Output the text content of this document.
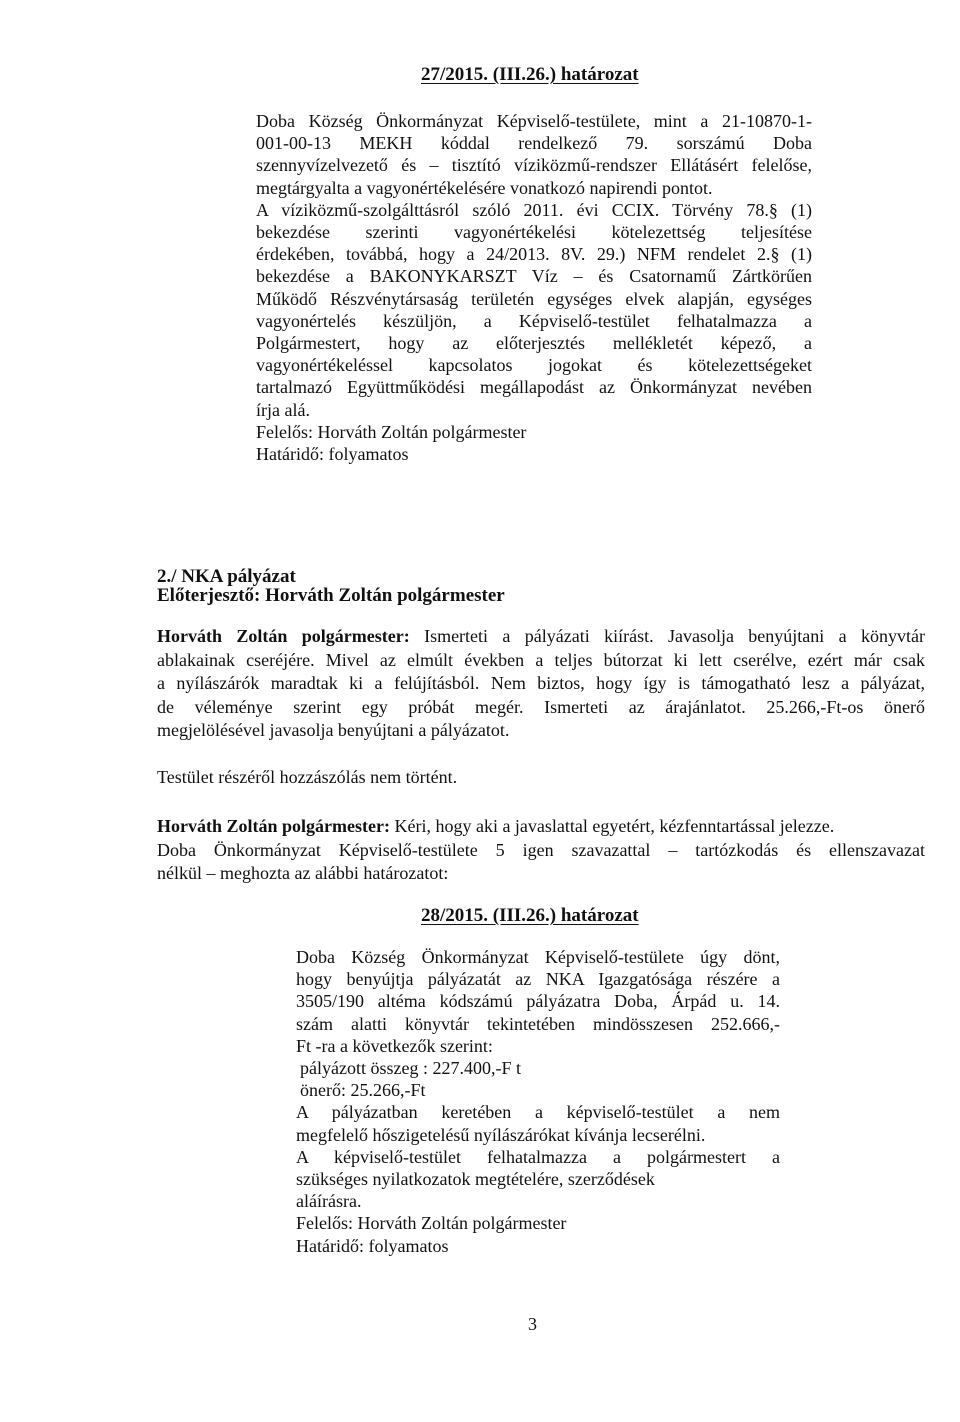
27/2015. (III.26.) határozat
Doba Község Önkormányzat Képviselő-testülete, mint a 21-10870-1-
001-00-13 MEKH kóddal rendelkező 79. sorszámú Doba
szennyvízelvezető és – tisztító víziközmű-rendszer Ellátásért felelőse,
megtárgyalta a vagyonértékelésére vonatkozó napirendi pontot.
A víziközmű-szolgálttásról szóló 2011. évi CCIX. Törvény 78.§ (1)
bekezdése szerinti vagyonértékelési kötelezettség teljesítése
érdekében, továbbá, hogy a 24/2013. 8V. 29.) NFM rendelet 2.§ (1)
bekezdése a BAKONYKARSZT Víz – és Csatornamű Zártkörűen
Működő Részvénytársaság területén egységes elvek alapján, egységes
vagyonértelés készüljön, a Képviselő-testület felhatalmazza a
Polgármestert, hogy az előterjesztés mellékletét képező, a
vagyonértékeléssel kapcsolatos jogokat és kötelezettségeket
tartalmazó Együttműködési megállapodást az Önkormányzat nevében
írja alá.
Felelős: Horváth Zoltán polgármester
Határidő: folyamatos
2./ NKA pályázat
Előterjesztő: Horváth Zoltán polgármester
Horváth Zoltán polgármester: Ismerteti a pályázati kiírást. Javasolja benyújtani a könyvtár
ablakainak cseréjére. Mivel az elmúlt években a teljes bútorzat ki lett cserélve, ezért már csak
a nyílászárók maradtak ki a felújításból. Nem biztos, hogy így is támogatható lesz a pályázat,
de véleménye szerint egy próbát megér. Ismerteti az árajánlatot. 25.266,-Ft-os önerő
megjelölésével javasolja benyújtani a pályázatot.
Testület részéről hozzászólás nem történt.
Horváth Zoltán polgármester: Kéri, hogy aki a javaslattal egyetért, kézfenntartással jelezze.
Doba Önkormányzat Képviselő-testülete 5 igen szavazattal – tartózkodás és ellenszavazat
nélkül – meghozta az alábbi határozatot:
28/2015. (III.26.) határozat
Doba Község Önkormányzat Képviselő-testülete úgy dönt,
hogy benyújtja pályázatát az NKA Igazgatósága részére a
3505/190 altéma kódszámú pályázatra Doba, Árpád u. 14.
szám alatti könyvtár tekintetében mindösszesen 252.666,-
Ft -ra a következők szerint:
pályázott összeg : 227.400,-F t
önerő: 25.266,-Ft
A pályázatban keretében a képviselő-testület a nem
megfelelő hőszigetelésű nyílászárókat kívánja lecserélni.
A képviselő-testület felhatalmazza a polgármestert a
szükséges nyilatkozatok megtételére, szerződések
aláírásra.
Felelős: Horváth Zoltán polgármester
Határidő: folyamatos
3
